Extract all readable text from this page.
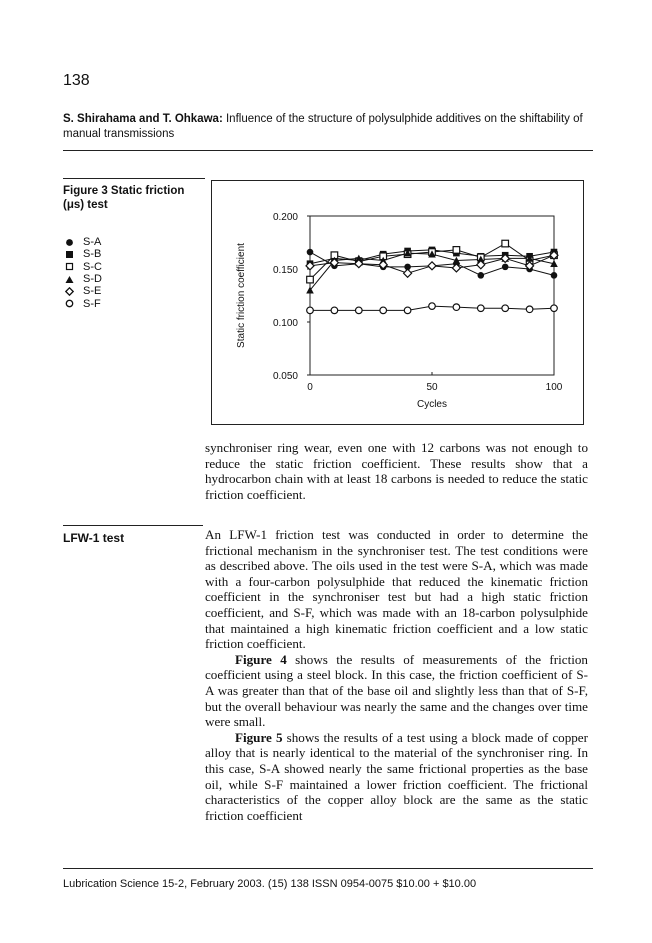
138
S. Shirahama and T. Ohkawa: Influence of the structure of polysulphide additives on the shiftability of manual transmissions
Figure 3 Static friction
(μs) test
S-A
S-B
S-C
S-D
S-E
S-F
0.050
0.100
0.150
0.200
0	50	100
Cycles
Static friction coefficient

synchroniser ring wear, even one with 12 carbons was not enough to reduce the static friction coefficient. These results show that a hydrocarbon chain with at least 18 carbons is needed to reduce the static friction coefficient.

LFW-1 test	An LFW-1 friction test was conducted in order to determine the frictional mechanism in the synchroniser test. The test conditions were as described above. The oils used in the test were S-A, which was made with a four-carbon polysulphide that reduced the kinematic friction coefficient in the synchroniser test but had a high static friction coefficient, and S-F, which was made with an 18-carbon polysulphide that maintained a high kinematic friction coefficient and a low static friction coefficient.

Figure 4 shows the results of measurements of the friction coefficient using a steel block. In this case, the friction coefficient of S-A was greater than that of the base oil and slightly less than that of S-F, but the overall behaviour was nearly the same and the changes over time were small.

Figure 5 shows the results of a test using a block made of copper alloy that is nearly identical to the material of the synchroniser ring. In this case, S-A showed nearly the same frictional properties as the base oil, while S-F maintained a lower friction coefficient. The frictional characteristics of the copper alloy block are the same as the static friction coefficient

Lubrication Science 15-2, February 2003. (15) 138 ISSN 0954-0075 $10.00 + $10.00
